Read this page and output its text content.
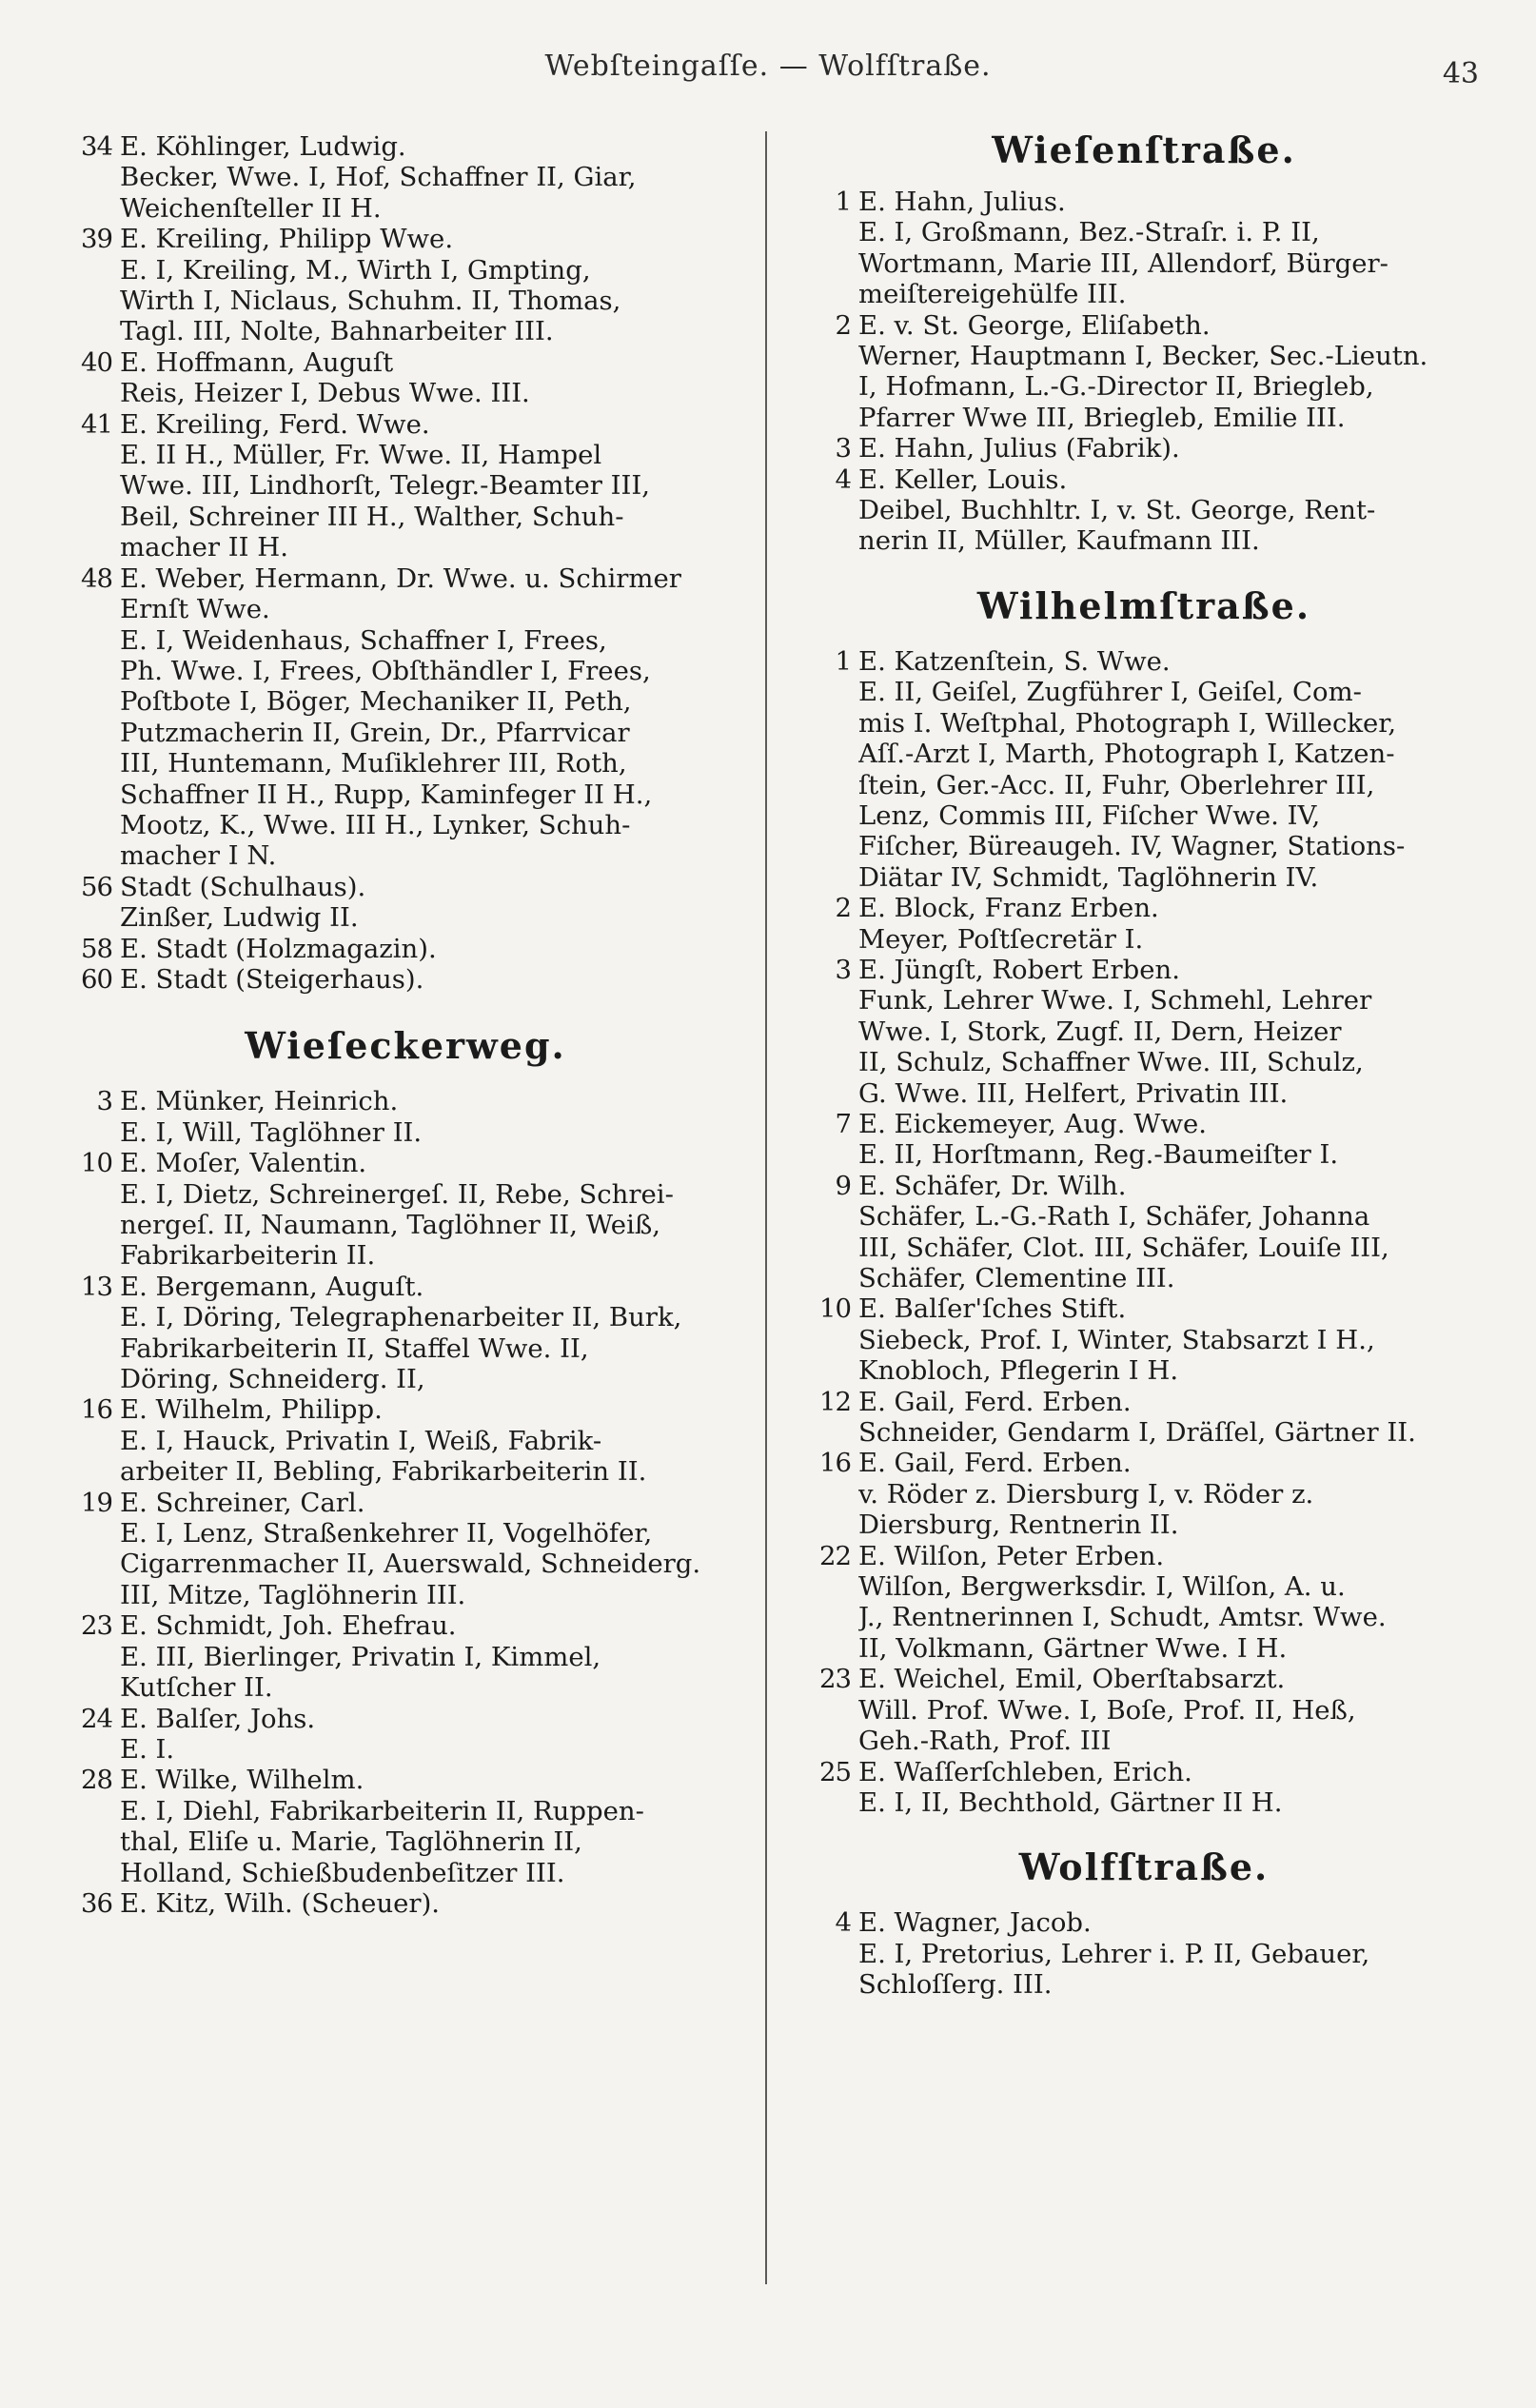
Webſteingaſſe. — Wolfſtraße.	43
34 E. Köhlinger, Ludwig.
Becker, Wwe. I, Hof, Schaffner II, Giar,
Weichenſteller II H.
39 E. Kreiling, Philipp Wwe.
E. I, Kreiling, M., Wirth I, Gmpting,
Wirth I, Niclaus, Schuhm. II, Thomas,
Tagl. III, Nolte, Bahnarbeiter III.
40 E. Hoffmann, Auguſt
Reis, Heizer I, Debus Wwe. III.
41 E. Kreiling, Ferd. Wwe.
E. II H., Müller, Fr. Wwe. II, Hampel
Wwe. III, Lindhorſt, Telegr.-Beamter III,
Beil, Schreiner III H., Walther, Schuh-
macher II H.
48 E. Weber, Hermann, Dr. Wwe. u. Schirmer
Ernſt Wwe.
E. I, Weidenhaus, Schaffner I, Frees,
Ph. Wwe. I, Frees, Obſthändler I, Frees,
Poſtbote I, Böger, Mechaniker II, Peth,
Putzmacherin II, Grein, Dr., Pfarrvicar
III, Huntemann, Muſiklehrer III, Roth,
Schaffner II H., Rupp, Kaminfeger II H.,
Mootz, K., Wwe. III H., Lynker, Schuh-
macher I N.
56 Stadt (Schulhaus).
Zinßer, Ludwig II.
58 E. Stadt (Holzmagazin).
60 E. Stadt (Steigerhaus).
Wieſeckerweg.
3 E. Münker, Heinrich.
E. I, Will, Taglöhner II.
10 E. Moſer, Valentin.
E. I, Dietz, Schreinergeſ. II, Rebe, Schrei-
nergeſ. II, Naumann, Taglöhner II, Weiß,
Fabrikarbeiterin II.
13 E. Bergemann, Auguſt.
E. I, Döring, Telegraphenarbeiter II, Burk,
Fabrikarbeiterin II, Staffel Wwe. II,
Döring, Schneiderg. II,
16 E. Wilhelm, Philipp.
E. I, Hauck, Privatin I, Weiß, Fabrik-
arbeiter II, Bebling, Fabrikarbeiterin II.
19 E. Schreiner, Carl.
E. I, Lenz, Straßenkehrer II, Vogelhöfer,
Cigarrenmacher II, Auerswald, Schneiderg.
III, Mitze, Taglöhnerin III.
23 E. Schmidt, Joh. Ehefrau.
E. III, Bierlinger, Privatin I, Kimmel,
Kutſcher II.
24 E. Balſer, Johs.
E. I.
28 E. Wilke, Wilhelm.
E. I, Diehl, Fabrikarbeiterin II, Ruppen-
thal, Eliſe u. Marie, Taglöhnerin II,
Holland, Schießbudenbeſitzer III.
36 E. Kitz, Wilh. (Scheuer).
Wieſenſtraße.
1 E. Hahn, Julius.
E. I, Großmann, Bez.-Straſr. i. P. II,
Wortmann, Marie III, Allendorf, Bürger-
meiſtereigehülfe III.
2 E. v. St. George, Eliſabeth.
Werner, Hauptmann I, Becker, Sec.-Lieutn.
I, Hofmann, L.-G.-Director II, Briegleb,
Pfarrer Wwe III, Briegleb, Emilie III.
3 E. Hahn, Julius (Fabrik).
4 E. Keller, Louis.
Deibel, Buchhltr. I, v. St. George, Rent-
nerin II, Müller, Kaufmann III.
Wilhelmſtraße.
1 E. Katzenſtein, S. Wwe.
E. II, Geiſel, Zugführer I, Geiſel, Com-
mis I. Weſtphal, Photograph I, Willecker,
Aſſ.-Arzt I, Marth, Photograph I, Katzen-
ſtein, Ger.-Acc. II, Fuhr, Oberlehrer III,
Lenz, Commis III, Fiſcher Wwe. IV,
Fiſcher, Büreaugeh. IV, Wagner, Stations-
Diätar IV, Schmidt, Taglöhnerin IV.
2 E. Block, Franz Erben.
Meyer, Poſtſecretär I.
3 E. Jüngſt, Robert Erben.
Funk, Lehrer Wwe. I, Schmehl, Lehrer
Wwe. I, Stork, Zugf. II, Dern, Heizer
II, Schulz, Schaffner Wwe. III, Schulz,
G. Wwe. III, Helfert, Privatin III.
7 E. Eickemeyer, Aug. Wwe.
E. II, Horſtmann, Reg.-Baumeiſter I.
9 E. Schäfer, Dr. Wilh.
Schäfer, L.-G.-Rath I, Schäfer, Johanna
III, Schäfer, Clot. III, Schäfer, Louiſe III,
Schäfer, Clementine III.
10 E. Balſer'ſches Stift.
Siebeck, Prof. I, Winter, Stabsarzt I H.,
Knobloch, Pflegerin I H.
12 E. Gail, Ferd. Erben.
Schneider, Gendarm I, Dräſſel, Gärtner II.
16 E. Gail, Ferd. Erben.
v. Röder z. Diersburg I, v. Röder z.
Diersburg, Rentnerin II.
22 E. Wilſon, Peter Erben.
Wilſon, Bergwerksdir. I, Wilſon, A. u.
J., Rentnerinnen I, Schudt, Amtsr. Wwe.
II, Volkmann, Gärtner Wwe. I H.
23 E. Weichel, Emil, Oberſtabsarzt.
Will. Prof. Wwe. I, Boſe, Prof. II, Heß,
Geh.-Rath, Prof. III
25 E. Waſſerſchleben, Erich.
E. I, II, Bechthold, Gärtner II H.
Wolfſtraße.
4 E. Wagner, Jacob.
E. I, Pretorius, Lehrer i. P. II, Gebauer,
Schloſſerg. III.
